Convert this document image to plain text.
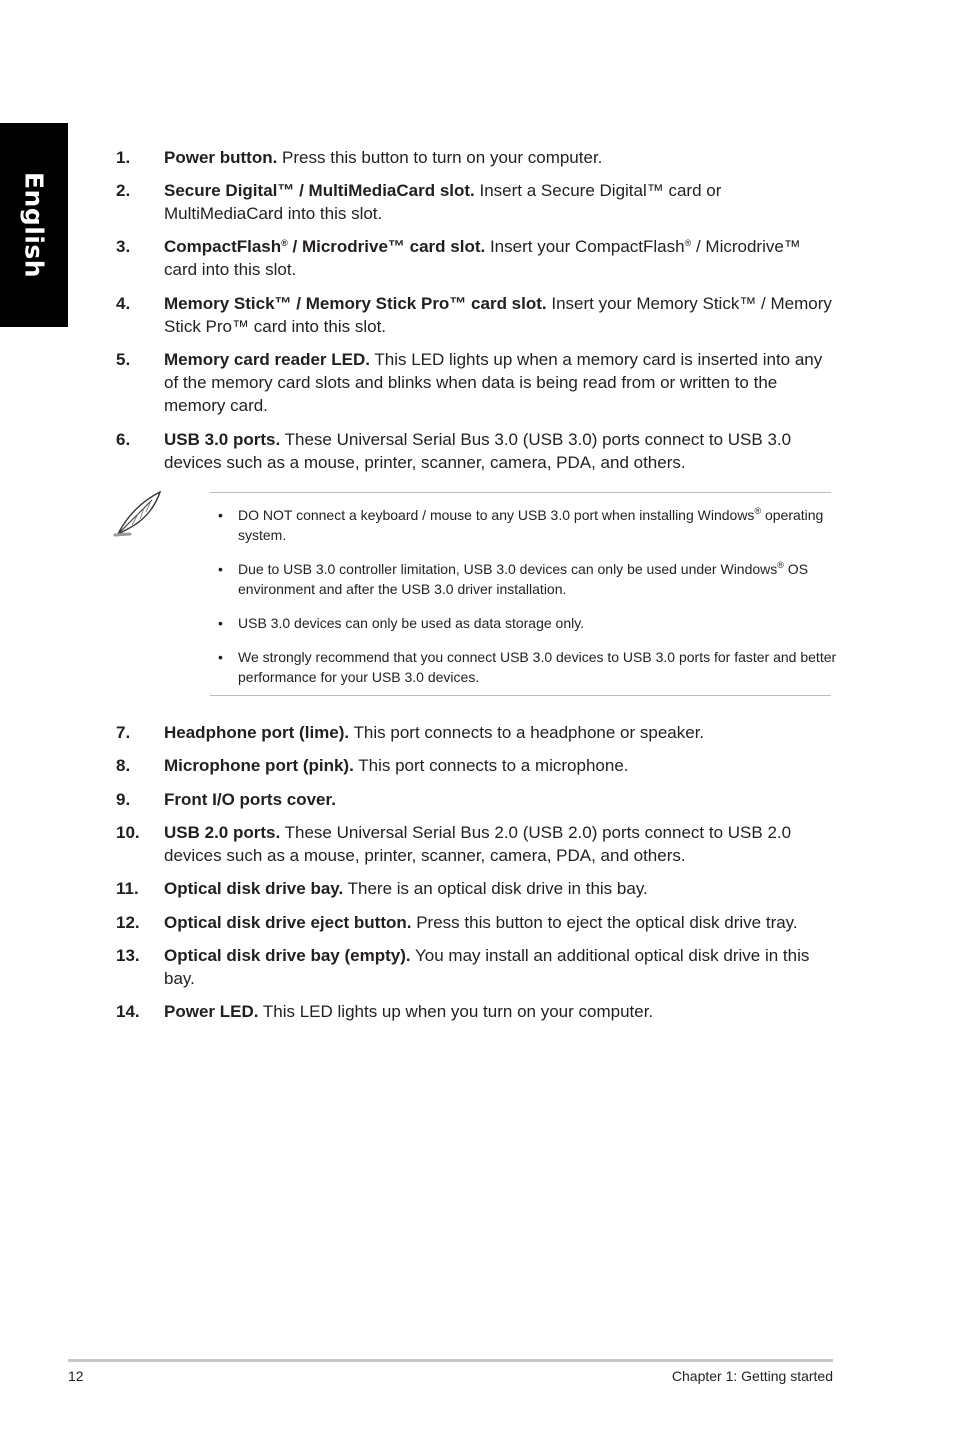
English
1. Power button. Press this button to turn on your computer.
2. Secure Digital™ / MultiMediaCard slot. Insert a Secure Digital™ card or MultiMediaCard into this slot.
3. CompactFlash® / Microdrive™ card slot. Insert your CompactFlash® / Microdrive™ card into this slot.
4. Memory Stick™ / Memory Stick Pro™ card slot. Insert your Memory Stick™ / Memory Stick Pro™ card into this slot.
5. Memory card reader LED. This LED lights up when a memory card is inserted into any of the memory card slots and blinks when data is being read from or written to the memory card.
6. USB 3.0 ports. These Universal Serial Bus 3.0 (USB 3.0) ports connect to USB 3.0 devices such as a mouse, printer, scanner, camera, PDA, and others.
• DO NOT connect a keyboard / mouse to any USB 3.0 port when installing Windows® operating system.
• Due to USB 3.0 controller limitation, USB 3.0 devices can only be used under Windows® OS environment and after the USB 3.0 driver installation.
• USB 3.0 devices can only be used as data storage only.
• We strongly recommend that you connect USB 3.0 devices to USB 3.0 ports for faster and better performance for your USB 3.0 devices.
7. Headphone port (lime). This port connects to a headphone or speaker.
8. Microphone port (pink). This port connects to a microphone.
9. Front I/O ports cover.
10. USB 2.0 ports. These Universal Serial Bus 2.0 (USB 2.0) ports connect to USB 2.0 devices such as a mouse, printer, scanner, camera, PDA, and others.
11. Optical disk drive bay. There is an optical disk drive in this bay.
12. Optical disk drive eject button. Press this button to eject the optical disk drive tray.
13. Optical disk drive bay (empty). You may install an additional optical disk drive in this bay.
14. Power LED. This LED lights up when you turn on your computer.
12	Chapter 1: Getting started
